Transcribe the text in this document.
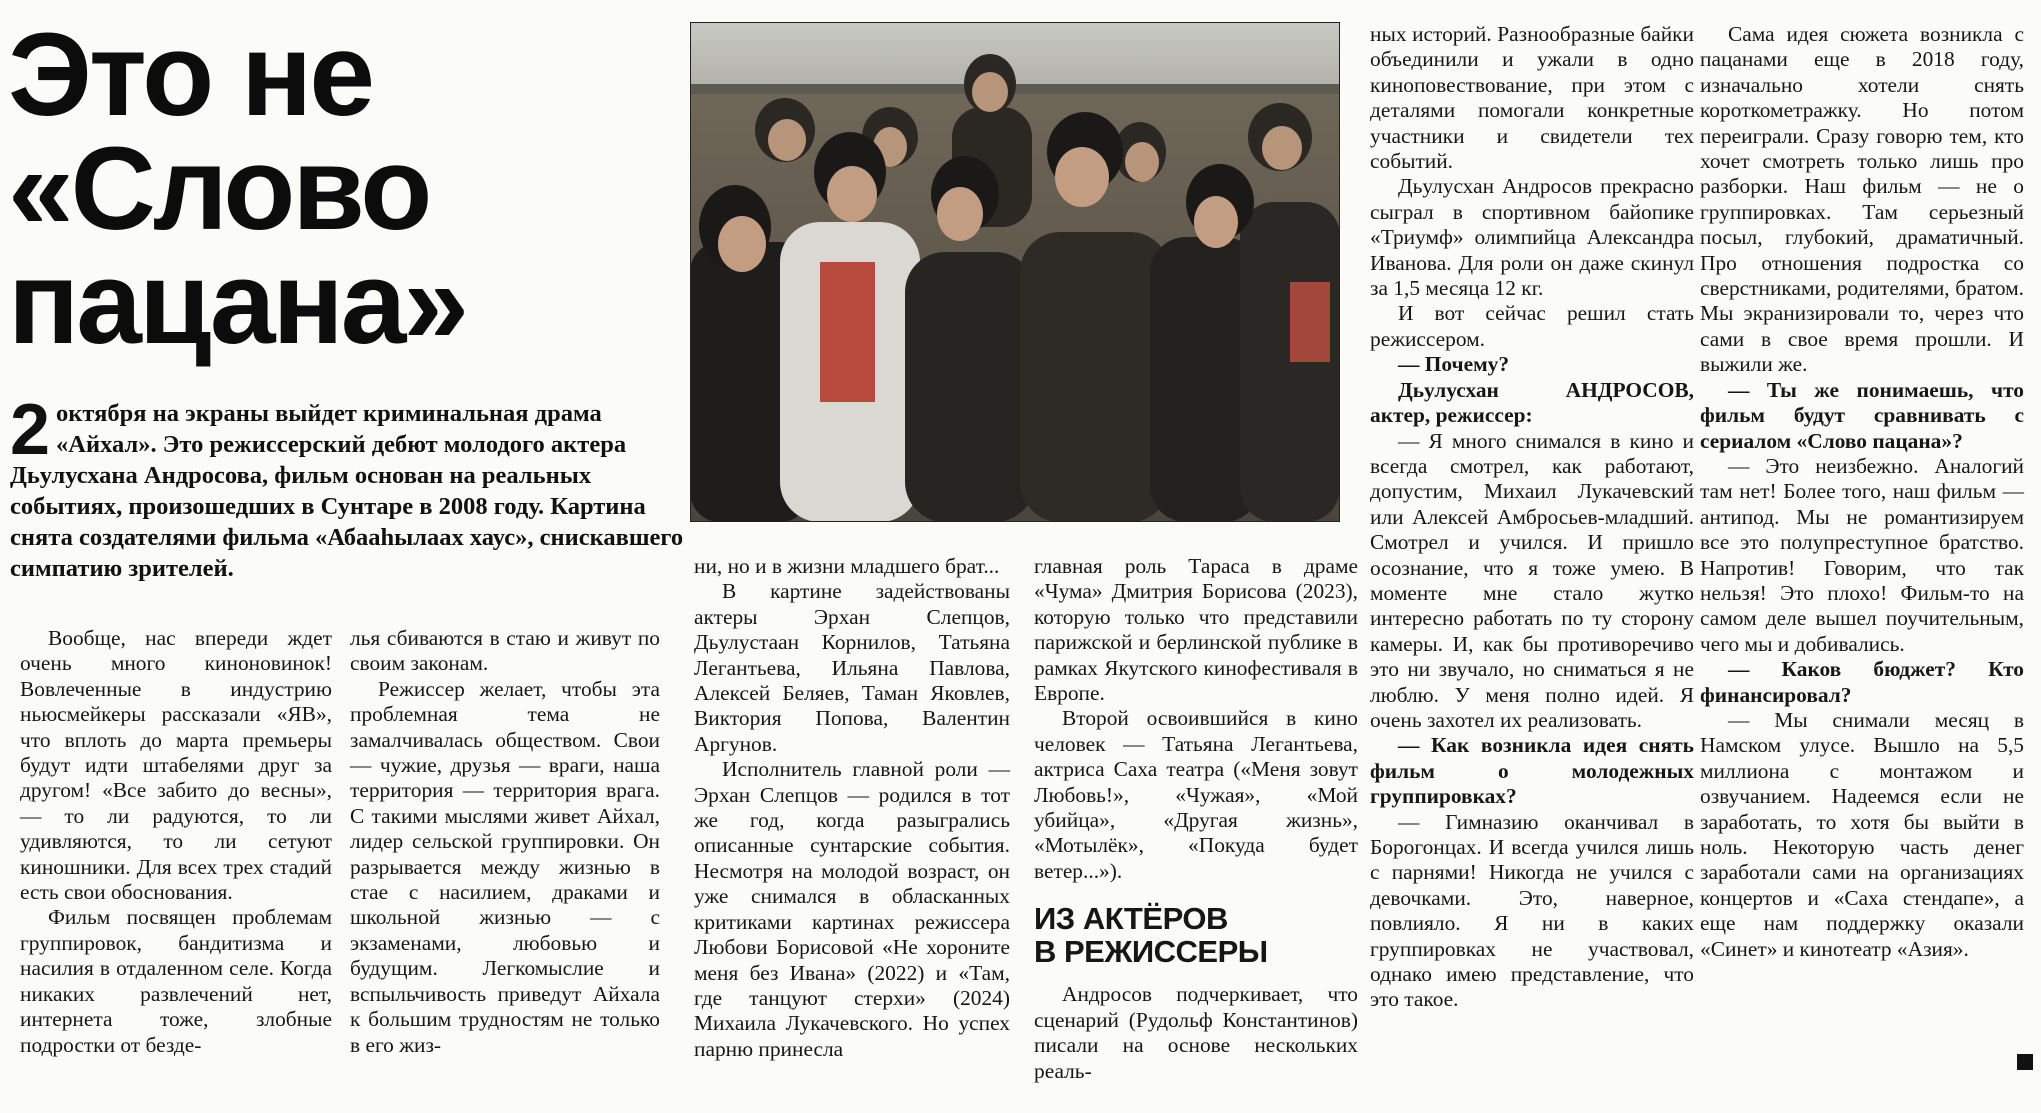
Это не
«Слово
пацана»
2 октября на экраны выйдет криминальная драма «Айхал». Это режиссерский дебют молодого актера Дьулусхана Андросова, фильм основан на реальных событиях, произошедших в Сунтаре в 2008 году. Картина снята создателями фильма «Абааhылаах хаус», снискавшего симпатию зрителей.

Вообще, нас впереди ждет очень много киноновинок! Вовлеченные в индустрию ньюсмейкеры рассказали «ЯВ», что вплоть до марта премьеры будут идти штабелями друг за другом! «Все забито до весны», — то ли радуются, то ли удивляются, то ли сетуют киношники. Для всех трех стадий есть свои обоснования.

Фильм посвящен проблемам группировок, бандитизма и насилия в отдаленном селе. Когда никаких развлечений нет, интернета тоже, злобные подростки от безде-

лья сбиваются в стаю и живут по своим законам.

Режиссер желает, чтобы эта проблемная тема не замалчивалась обществом. Свои — чужие, друзья — враги, наша территория — территория врага. С такими мыслями живет Айхал, лидер сельской группировки. Он разрывается между жизнью в стае с насилием, драками и школьной жизнью — с экзаменами, любовью и будущим. Легкомыслие и вспыльчивость приведут Айхала к большим трудностям не только в его жиз-

ни, но и в жизни младшего брат...

В картине задействованы актеры Эрхан Слепцов, Дьулустаан Корнилов, Татьяна Легантьева, Ильяна Павлова, Алексей Беляев, Таман Яковлев, Виктория Попова, Валентин Аргунов.

Исполнитель главной роли — Эрхан Слепцов — родился в тот же год, когда разыгрались описанные сунтарские события. Несмотря на молодой возраст, он уже снимался в обласканных критиками картинах режиссера Любови Борисовой «Не хороните меня без Ивана» (2022) и «Там, где танцуют стерхи» (2024) Михаила Лукачевского. Но успех парню принесла

главная роль Тараса в драме «Чума» Дмитрия Борисова (2023), которую только что представили парижской и берлинской публике в рамках Якутского кинофестиваля в Европе.

Второй освоившийся в кино человек — Татьяна Легантьева, актриса Саха театра («Меня зовут Любовь!», «Чужая», «Мой убийца», «Другая жизнь», «Мотылёк», «Покуда будет ветер...»).

ИЗ АКТЁРОВ
В РЕЖИССЕРЫ

Андросов подчеркивает, что сценарий (Рудольф Константинов) писали на основе нескольких реаль-

ных историй. Разнообразные байки объединили и ужали в одно киноповествование, при этом с деталями помогали конкретные участники и свидетели тех событий.

Дьулусхан Андросов прекрасно сыграл в спортивном байопике «Триумф» олимпийца Александра Иванова. Для роли он даже скинул за 1,5 месяца 12 кг.

И вот сейчас решил стать режиссером.

— Почему?

Дьулусхан АНДРОСОВ, актер, режиссер:

— Я много снимался в кино и всегда смотрел, как работают, допустим, Михаил Лукачевский или Алексей Амбросьев-младший. Смотрел и учился. И пришло осознание, что я тоже умею. В моменте мне стало жутко интересно работать по ту сторону камеры. И, как бы противоречиво это ни звучало, но сниматься я не люблю. У меня полно идей. Я очень захотел их реализовать.

— Как возникла идея снять фильм о молодежных группировках?

— Гимназию оканчивал в Борогонцах. И всегда учился лишь с парнями! Никогда не учился с девочками. Это, наверное, повлияло. Я ни в каких группировках не участвовал, однако имею представление, что это такое.

Сама идея сюжета возникла с пацанами еще в 2018 году, изначально хотели снять короткометражку. Но потом переиграли. Сразу говорю тем, кто хочет смотреть только лишь про разборки. Наш фильм — не о группировках. Там серьезный посыл, глубокий, драматичный. Про отношения подростка со сверстниками, родителями, братом. Мы экранизировали то, через что сами в свое время прошли. И выжили же.

— Ты же понимаешь, что фильм будут сравнивать с сериалом «Слово пацана»?

— Это неизбежно. Аналогий там нет! Более того, наш фильм — антипод. Мы не романтизируем все это полупреступное братство. Напротив! Говорим, что так нельзя! Это плохо! Фильм-то на самом деле вышел поучительным, чего мы и добивались.

— Каков бюджет? Кто финансировал?

— Мы снимали месяц в Намском улусе. Вышло на 5,5 миллиона с монтажом и озвучанием. Надеемся если не заработать, то хотя бы выйти в ноль. Некоторую часть денег заработали сами на организациях концертов и «Саха стендапе», а еще нам поддержку оказали «Синет» и кинотеатр «Азия».
